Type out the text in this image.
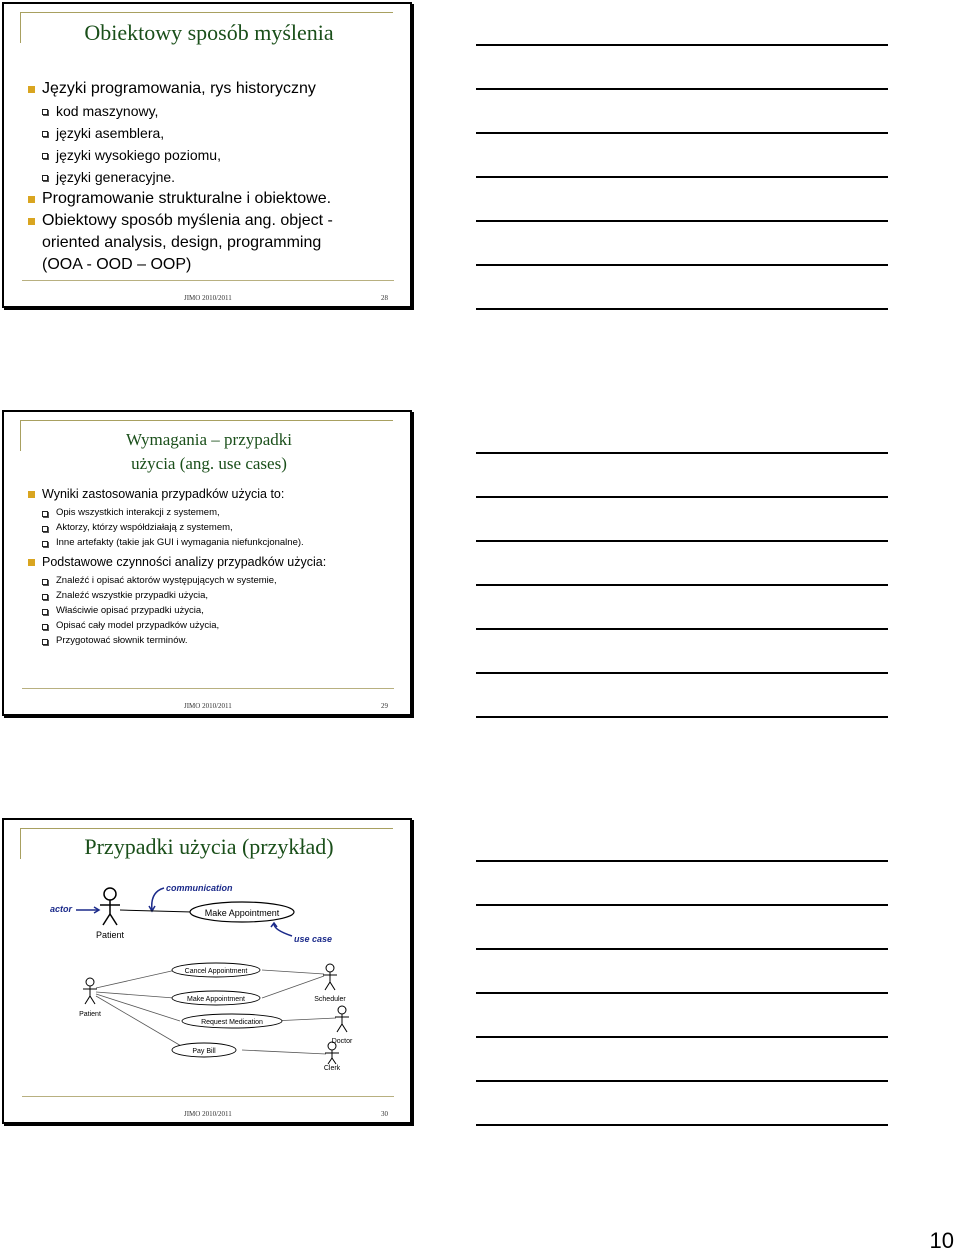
Obiektowy sposób myślenia
Języki programowania, rys historyczny
kod maszynowy,
języki asemblera,
języki wysokiego poziomu,
języki generacyjne.
Programowanie strukturalne i obiektowe.
Obiektowy sposób myślenia ang. object - oriented analysis, design, programming (OOA - OOD – OOP)
JIMO 2010/2011	28
Wymagania – przypadki użycia (ang. use cases)
Wyniki zastosowania przypadków użycia to:
Opis wszystkich interakcji z systemem,
Aktorzy, którzy współdziałają z systemem,
Inne artefakty (takie jak GUI i wymagania niefunkcjonalne).
Podstawowe czynności analizy przypadków użycia:
Znaleźć i opisać aktorów występujących w systemie,
Znaleźć wszystkie przypadki użycia,
Właściwie opisać przypadki użycia,
Opisać cały model przypadków użycia,
Przygotować słownik terminów.
JIMO 2010/2011	29
Przypadki użycia (przykład)
Patient
actor
communication
Make Appointment
use case
Patient
Scheduler
Doctor
Clerk
Cancel Appointment
Make Appointment
Request Medication
Pay Bill
JIMO 2010/2011	30
10
